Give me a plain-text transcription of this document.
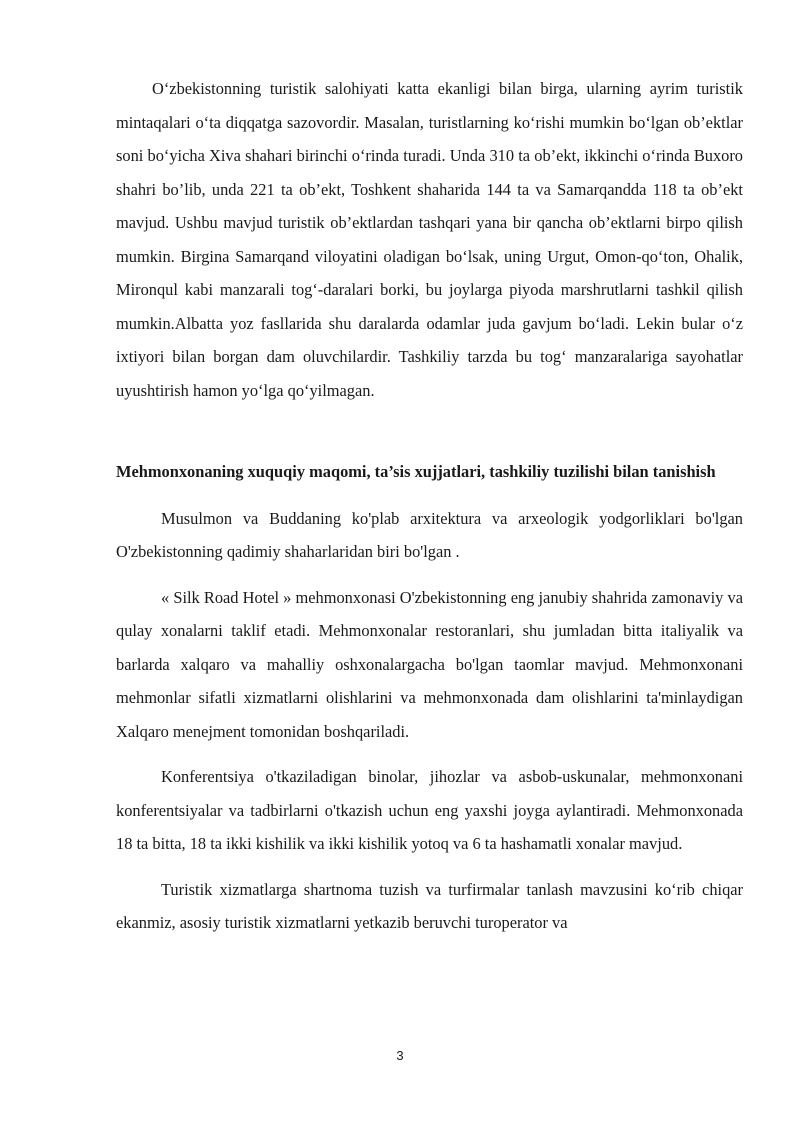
O‘zbekistonning turistik salohiyati katta ekanligi bilan birga, ularning ayrim turistik mintaqalari o‘ta diqqatga sazovordir. Masalan, turistlarning ko‘rishi mumkin bo‘lgan ob’ektlar soni bo‘yicha Xiva shahari birinchi o‘rinda turadi. Unda 310 ta ob’ekt, ikkinchi o‘rinda Buxoro shahri bo’lib, unda 221 ta ob’ekt, Toshkent shaharida 144 ta va Samarqandda 118 ta ob’ekt mavjud. Ushbu mavjud turistik ob’ektlardan tashqari yana bir qancha ob’ektlarni birpo qilish mumkin. Birgina Samarqand viloyatini oladigan bo‘lsak, uning Urgut, Omon-qo‘ton, Ohalik, Mironqul kabi manzarali tog‘-daralari borki, bu joylarga piyoda marshrutlarni tashkil qilish mumkin.Albatta yoz fasllarida shu daralarda odamlar juda gavjum bo‘ladi. Lekin bular o‘z ixtiyori bilan borgan dam oluvchilardir. Tashkiliy tarzda bu tog‘ manzaralariga sayohatlar uyushtirish hamon yo‘lga qo‘yilmagan.

Mehmonxonaning xuquqiy maqomi, ta’sis xujjatlari, tashkiliy tuzilishi bilan tanishish

Musulmon va Buddaning ko'plab arxitektura va arxeologik yodgorliklari bo'lgan O'zbekistonning qadimiy shaharlaridan biri bo'lgan .

« Silk Road Hotel » mehmonxonasi O'zbekistonning eng janubiy shahrida zamonaviy va qulay xonalarni taklif etadi. Mehmonxonalar restoranlari, shu jumladan bitta italiyalik va barlarda xalqaro va mahalliy oshxonalargacha bo'lgan taomlar mavjud. Mehmonxonani mehmonlar sifatli xizmatlarni olishlarini va mehmonxonada dam olishlarini ta'minlaydigan Xalqaro menejment tomonidan boshqariladi.

Konferentsiya o'tkaziladigan binolar, jihozlar va asbob-uskunalar, mehmonxonani konferentsiyalar va tadbirlarni o'tkazish uchun eng yaxshi joyga aylantiradi. Mehmonxonada 18 ta bitta, 18 ta ikki kishilik va ikki kishilik yotoq va 6 ta hashamatli xonalar mavjud.

Turistik xizmatlarga shartnoma tuzish va turfirmalar tanlash mavzusini ko‘rib chiqar ekanmiz, asosiy turistik xizmatlarni yetkazib beruvchi turoperator va

3
